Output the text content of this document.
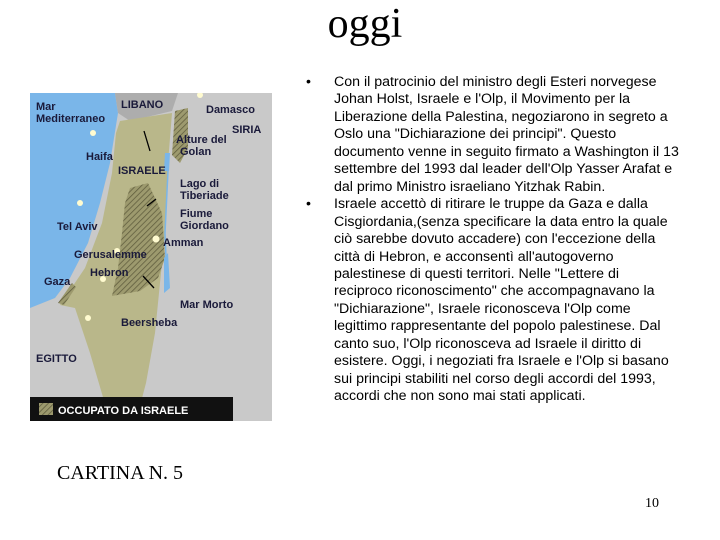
oggi
Mar
Mediterraneo
LIBANO	Damasco
SIRIA
Alture del
Golan
Haifa
ISRAELE
Lago di
Tiberiade
Fiume
Giordano
Tel Aviv
Amman
Gerusalemme
Hebron
Gaza
Mar Morto
Beersheba
EGITTO
OCCUPATO DA ISRAELE
CARTINA N. 5
• Con il patrocinio del ministro degli Esteri norvegese Johan Holst, Israele e l'Olp, il Movimento per la Liberazione della Palestina, negoziarono in segreto a Oslo una "Dichiarazione dei principi". Questo documento venne in seguito firmato a Washington il 13 settembre del 1993 dal leader dell'Olp Yasser Arafat e dal primo Ministro israeliano Yitzhak Rabin.
• Israele accettò di ritirare le truppe da Gaza e dalla Cisgiordania,(senza specificare la data entro la quale ciò sarebbe dovuto accadere) con l'eccezione della città di Hebron, e acconsentì all'autogoverno palestinese di questi territori. Nelle "Lettere di reciproco riconoscimento" che accompagnavano la "Dichiarazione", Israele riconosceva l'Olp come legittimo rappresentante del popolo palestinese. Dal canto suo, l'Olp riconosceva ad Israele il diritto di esistere. Oggi, i negoziati fra Israele e l'Olp si basano sui principi stabiliti nel corso degli accordi del 1993, accordi che non sono mai stati applicati.
10
